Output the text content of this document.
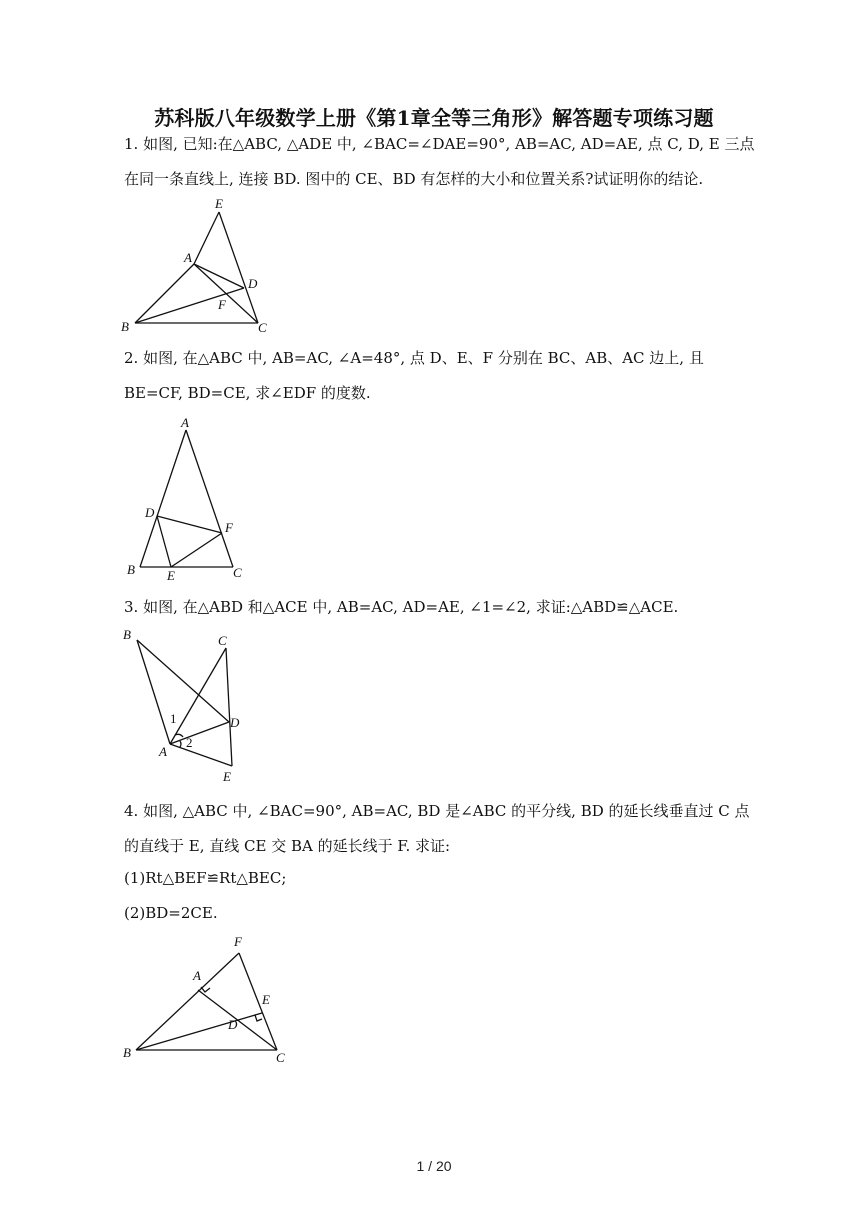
苏科版八年级数学上册《第1章全等三角形》解答题专项练习题
1. 如图, 已知:在△ABC, △ADE 中, ∠BAC=∠DAE=90°, AB=AC, AD=AE, 点 C, D, E 三点
在同一条直线上, 连接 BD. 图中的 CE、BD 有怎样的大小和位置关系?试证明你的结论.
E
A
D
F
B	C
2. 如图, 在△ABC 中, AB=AC, ∠A=48°, 点 D、E、F 分别在 BC、AB、AC 边上, 且
BE=CF, BD=CE, 求∠EDF 的度数.
A
D
F
B E	C
3. 如图, 在△ABD 和△ACE 中, AB=AC, AD=AE, ∠1=∠2, 求证:△ABD≌△ACE.
B	C
D
1
2
A
E
4. 如图, △ABC 中, ∠BAC=90°, AB=AC, BD 是∠ABC 的平分线, BD 的延长线垂直过 C 点
的直线于 E, 直线 CE 交 BA 的延长线于 F. 求证:
(1)Rt△BEF≌Rt△BEC;
(2)BD=2CE.
F
A
E
D
B	C
1 / 20
